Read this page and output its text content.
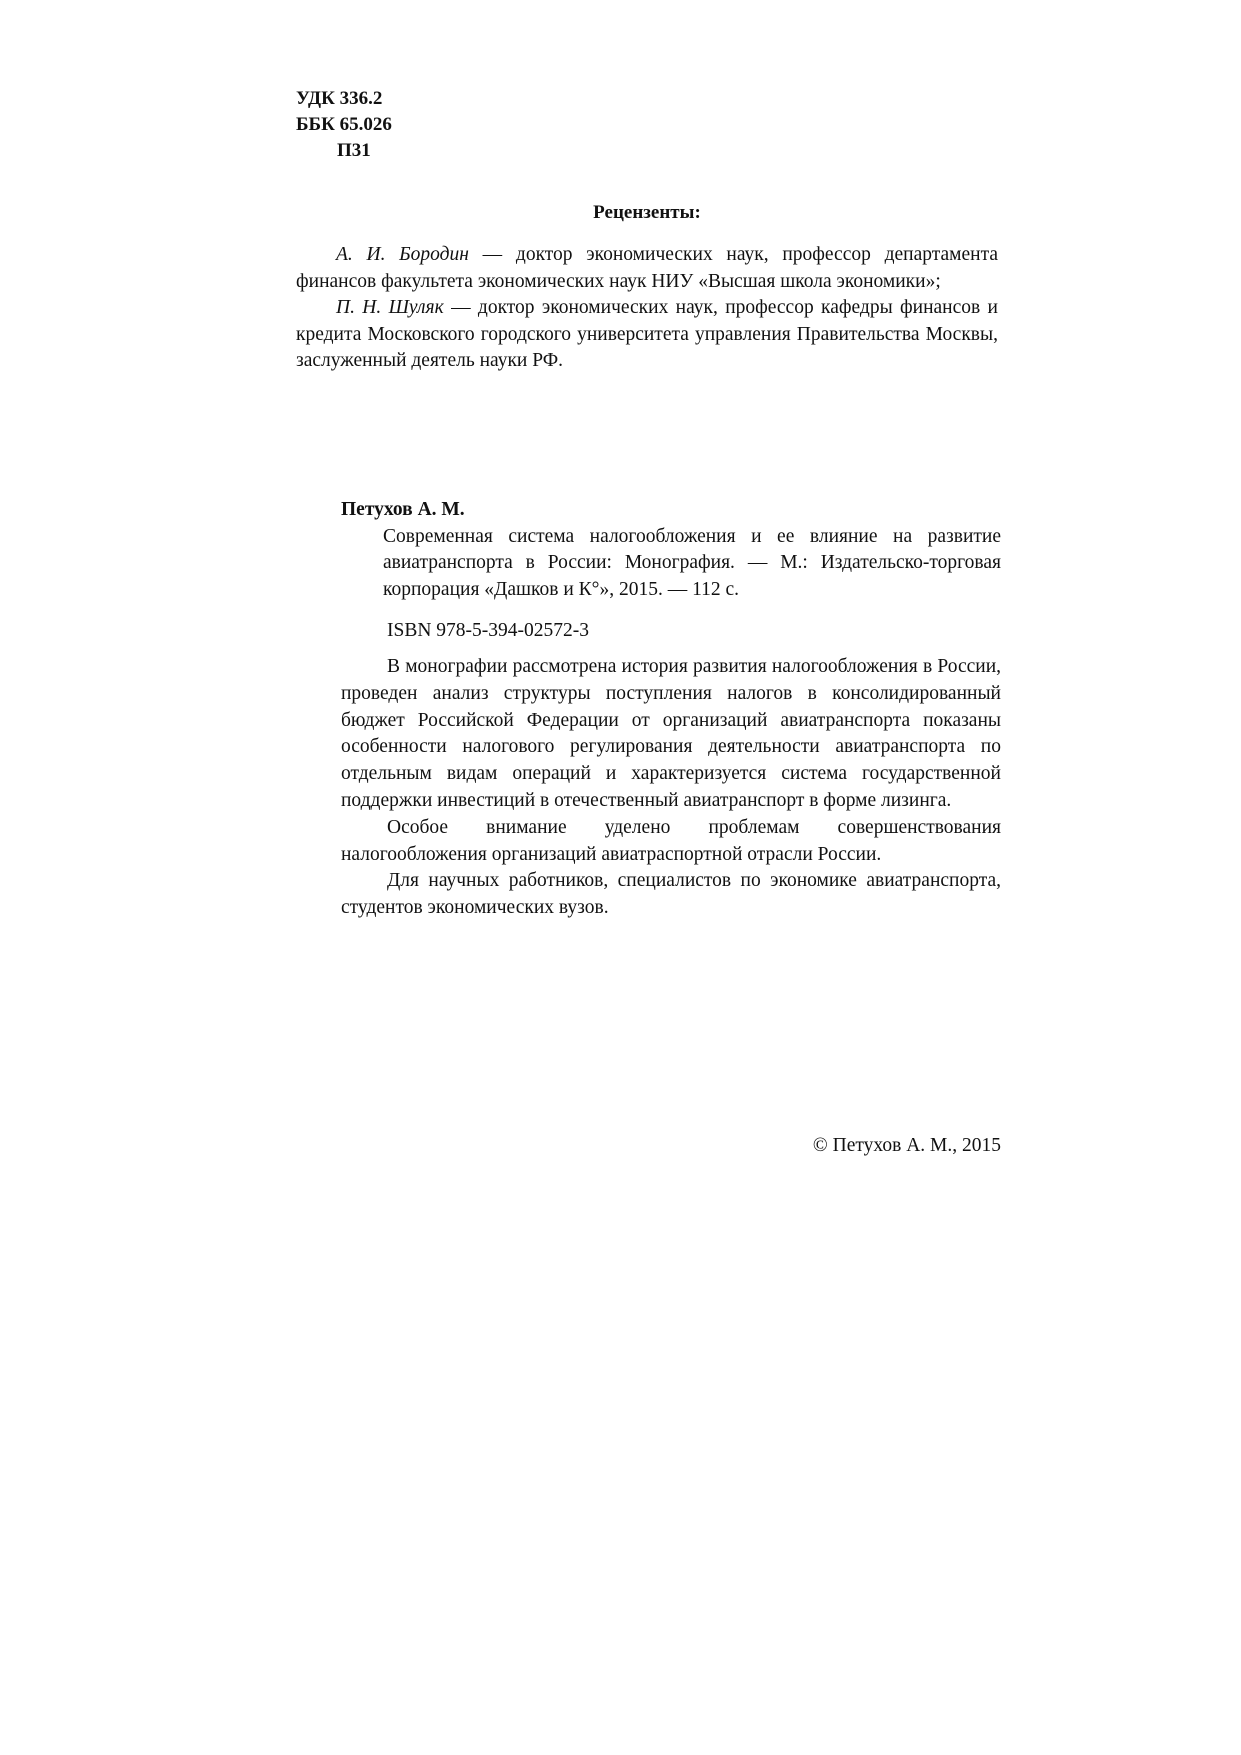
УДК 336.2
ББК 65.026
П31
Рецензенты:

А. И. Бородин — доктор экономических наук, профессор департамента финансов факультета экономических наук НИУ «Высшая школа экономики»;

П. Н. Шуляк — доктор экономических наук, профессор кафедры финансов и кредита Московского городского университета управления Правительства Москвы, заслуженный деятель науки РФ.

Петухов А. М.

Современная система налогообложения и ее влияние на развитие авиатранспорта в России: Монография. — М.: Издательско-торговая корпорация «Дашков и К°», 2015. — 112 с.

ISBN 978-5-394-02572-3

В монографии рассмотрена история развития налогообложения в России, проведен анализ структуры поступления налогов в консолидированный бюджет Российской Федерации от организаций авиатранспорта показаны особенности налогового регулирования деятельности авиатранспорта по отдельным видам операций и характеризуется система государственной поддержки инвестиций в отечественный авиатранспорт в форме лизинга.

Особое внимание уделено проблемам совершенствования налогообложения организаций авиатраспортной отрасли России.

Для научных работников, специалистов по экономике авиатранспорта, студентов экономических вузов.

© Петухов А. М., 2015
